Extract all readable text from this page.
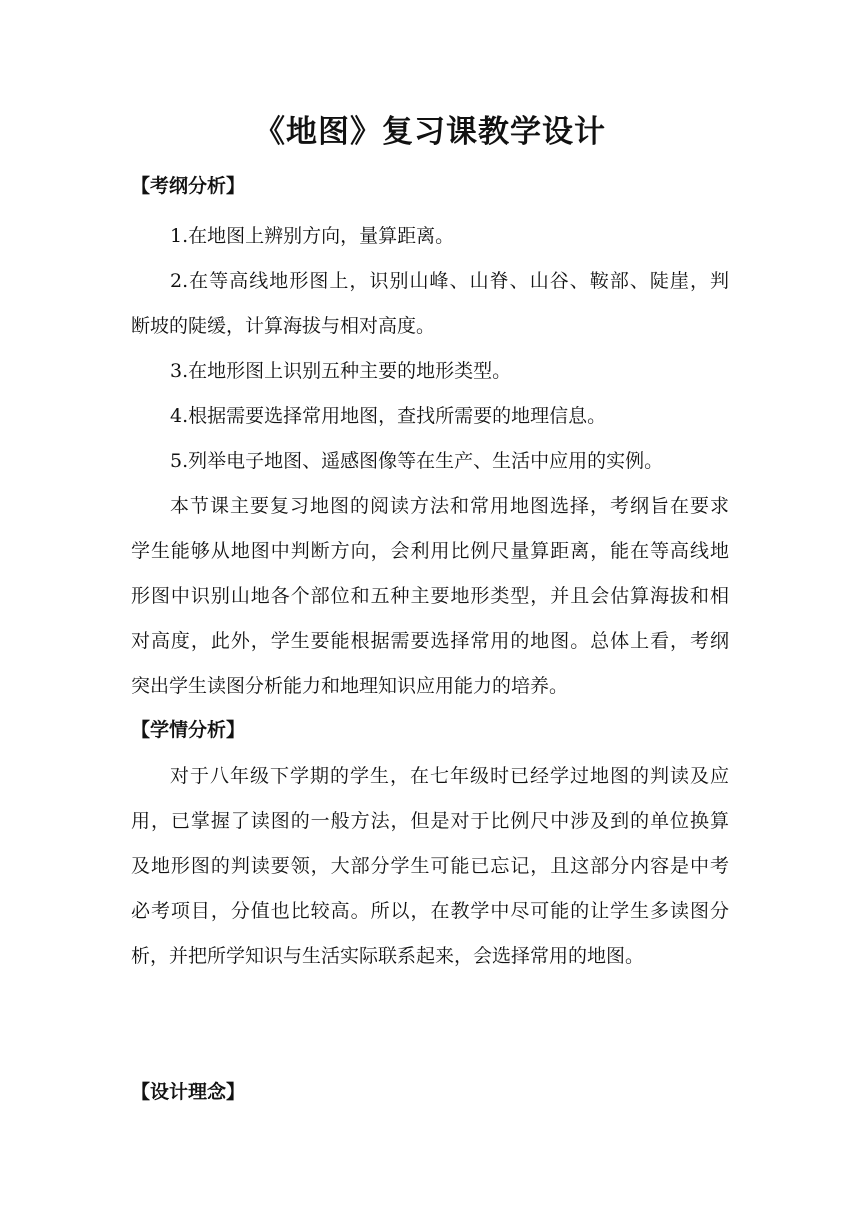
《地图》复习课教学设计
【考纲分析】
1.在地图上辨别方向，量算距离。
2.在等高线地形图上，识别山峰、山脊、山谷、鞍部、陡崖，判
断坡的陡缓，计算海拔与相对高度。
3.在地形图上识别五种主要的地形类型。
4.根据需要选择常用地图，查找所需要的地理信息。
5.列举电子地图、遥感图像等在生产、生活中应用的实例。
本节课主要复习地图的阅读方法和常用地图选择，考纲旨在要求
学生能够从地图中判断方向，会利用比例尺量算距离，能在等高线地
形图中识别山地各个部位和五种主要地形类型，并且会估算海拔和相
对高度，此外，学生要能根据需要选择常用的地图。总体上看，考纲
突出学生读图分析能力和地理知识应用能力的培养。
【学情分析】
对于八年级下学期的学生，在七年级时已经学过地图的判读及应
用，已掌握了读图的一般方法，但是对于比例尺中涉及到的单位换算
及地形图的判读要领，大部分学生可能已忘记，且这部分内容是中考
必考项目，分值也比较高。所以，在教学中尽可能的让学生多读图分
析，并把所学知识与生活实际联系起来，会选择常用的地图。
【设计理念】
